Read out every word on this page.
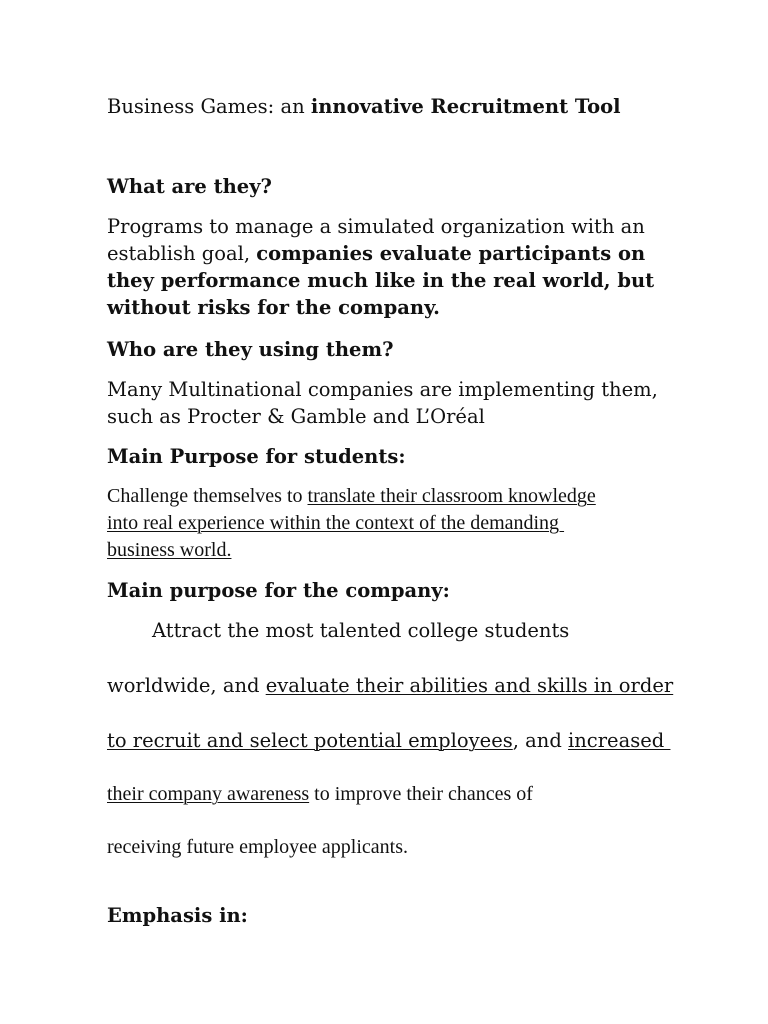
Business Games: an innovative Recruitment Tool
What are they?
Programs to manage a simulated organization with an
establish goal, companies evaluate participants on
they performance much like in the real world, but
without risks for the company.
Who are they using them?
Many Multinational companies are implementing them,
such as Procter & Gamble and L’Oréal
Main Purpose for students:
Challenge themselves to translate their classroom knowledge
into real experience within the context of the demanding
business world.
Main purpose for the company:
Attract the most talented college students
worldwide, and evaluate their abilities and skills in order
to recruit and select potential employees, and increased
their company awareness to improve their chances of
receiving future employee applicants.
Emphasis in:
